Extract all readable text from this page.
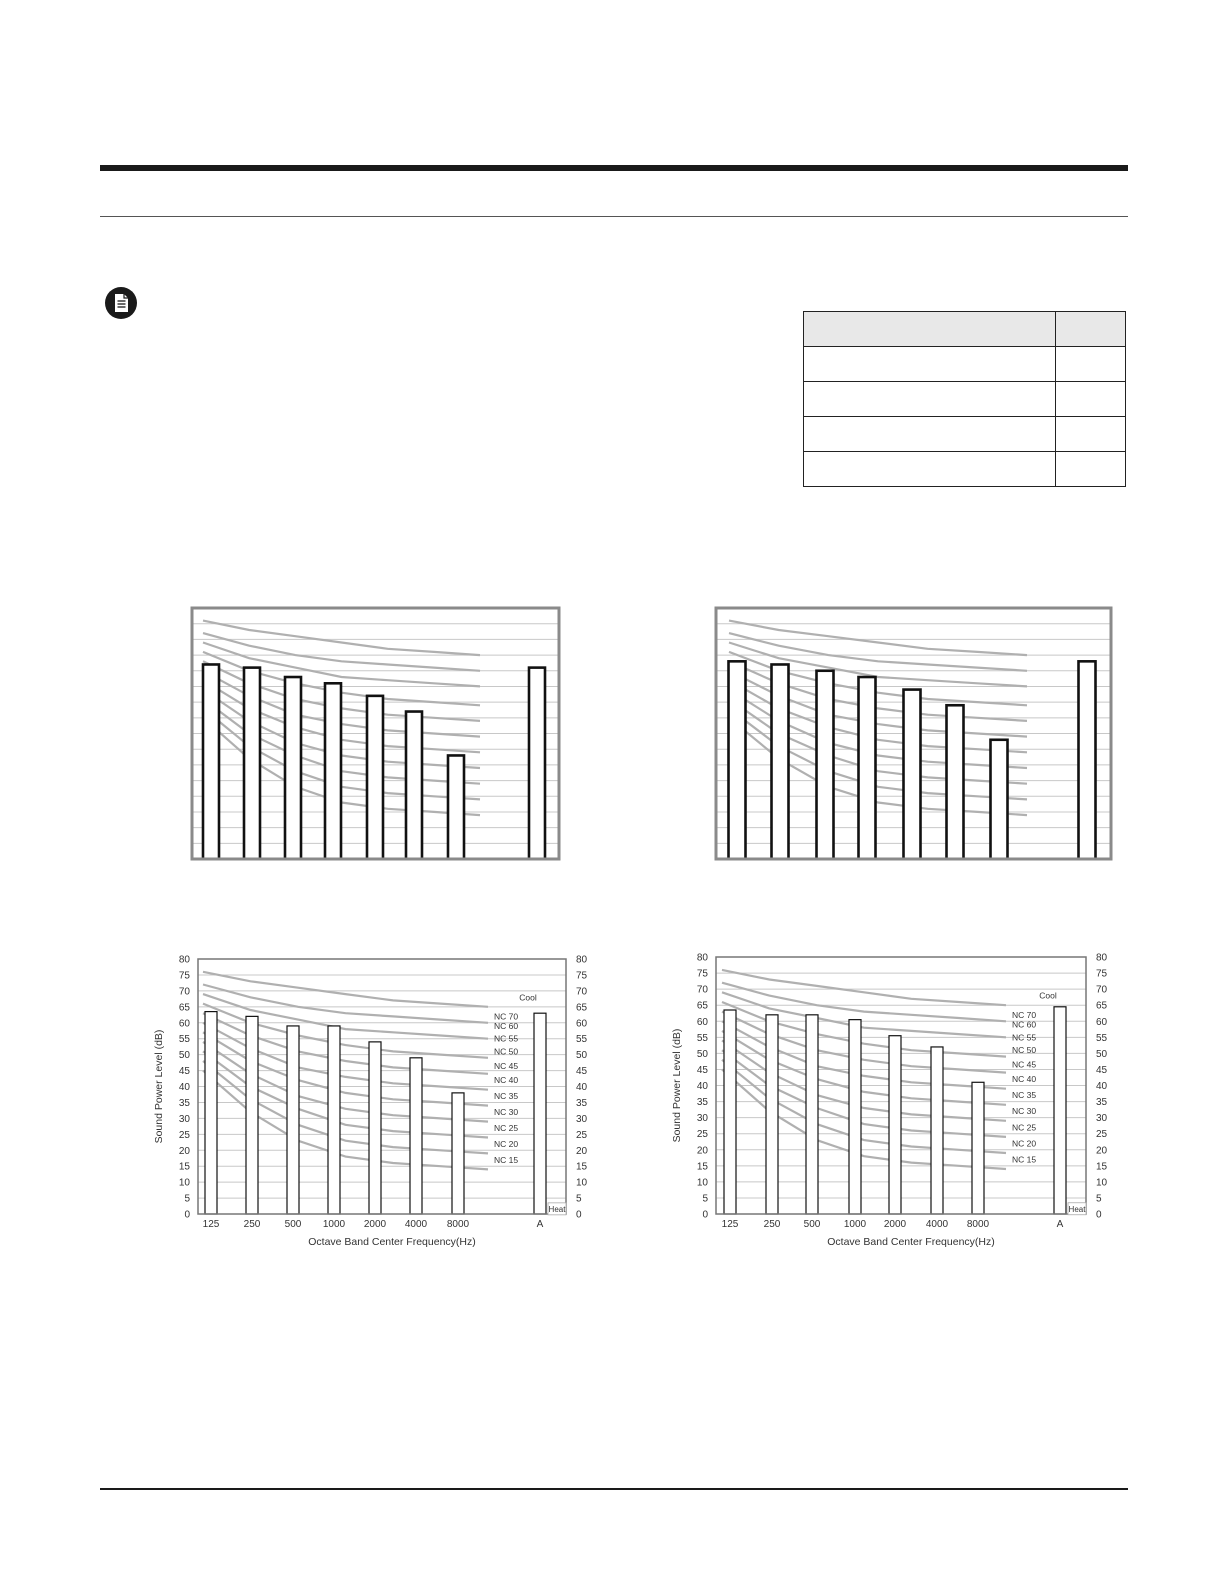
0	0
5	5
10	10
15	15
20	20
25	25
30	30
35	35
40	40
45	45
50	50
55	55
60	60
65	65
70	70
75	75
80	80
125 250 500 1000 2000 4000 8000	A
Sound Power Level (dB)
Octave Band Center Frequency(Hz)
NC 70
NC 60
NC 55
NC 50
NC 45
NC 40
NC 35
NC 30
NC 25
NC 20
NC 15
Cool
Heat
0	0
5	5
10	10
15	15
20	20
25	25
30	30
35	35
40	40
45	45
50	50
55	55
60	60
65	65
70	70
75	75
80	80
125	250 500 1000 2000 4000 8000	A
Sound Power Level (dB)
Octave Band Center Frequency(Hz)
NC 70
NC 60
NC 55
NC 50
NC 45
NC 40
NC 35
NC 30
NC 25
NC 20
NC 15
Cool
Heat
